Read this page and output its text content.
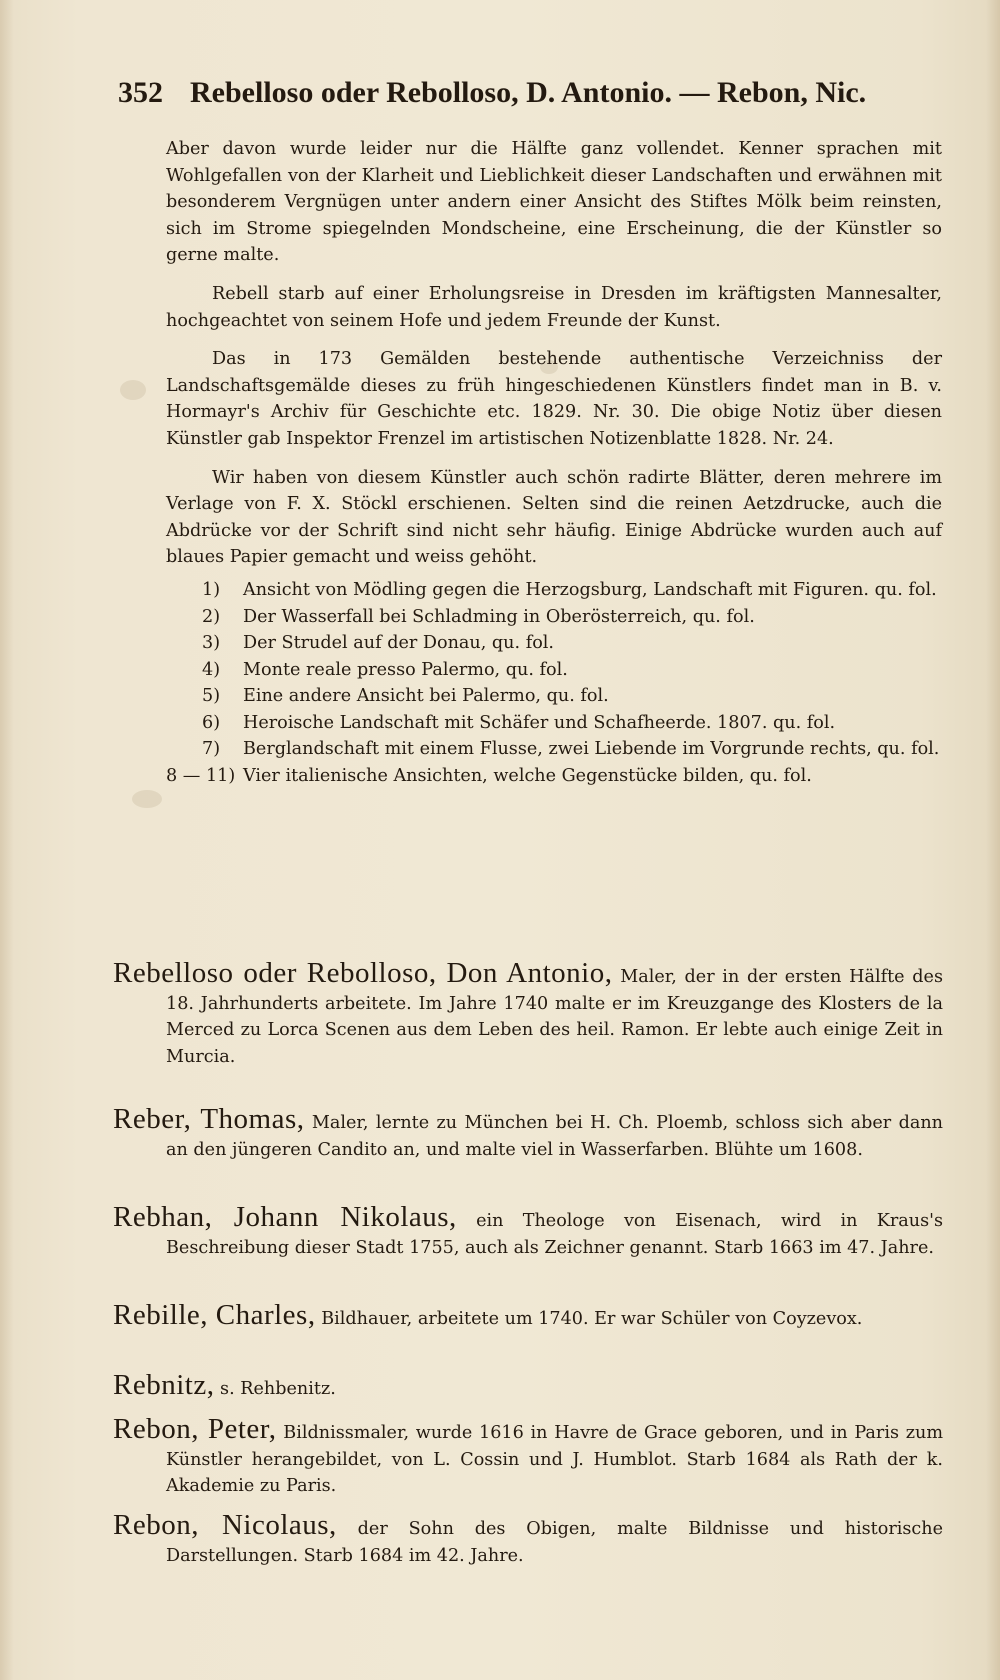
352 Rebelloso oder Rebolloso, D. Antonio. — Rebon, Nic.

Aber davon wurde leider nur die Hälfte ganz vollendet. Kenner sprachen mit Wohlgefallen von der Klarheit und Lieblichkeit dieser Landschaften und erwähnen mit besonderem Vergnügen unter andern einer Ansicht des Stiftes Mölk beim reinsten, sich im Strome spiegelnden Mondscheine, eine Erscheinung, die der Künstler so gerne malte.

Rebell starb auf einer Erholungsreise in Dresden im kräftigsten Mannesalter, hochgeachtet von seinem Hofe und jedem Freunde der Kunst.

Das in 173 Gemälden bestehende authentische Verzeichniss der Landschaftsgemälde dieses zu früh hingeschiedenen Künstlers findet man in B. v. Hormayr's Archiv für Geschichte etc. 1829. Nr. 30. Die obige Notiz über diesen Künstler gab Inspektor Frenzel im artistischen Notizenblatte 1828. Nr. 24.

Wir haben von diesem Künstler auch schön radirte Blätter, deren mehrere im Verlage von F. X. Stöckl erschienen. Selten sind die reinen Aetzdrucke, auch die Abdrücke vor der Schrift sind nicht sehr häufig. Einige Abdrücke wurden auch auf blaues Papier gemacht und weiss gehöht.

1) Ansicht von Mödling gegen die Herzogsburg, Landschaft mit Figuren. qu. fol.
2) Der Wasserfall bei Schladming in Oberösterreich, qu. fol.
3) Der Strudel auf der Donau, qu. fol.
4) Monte reale presso Palermo, qu. fol.
5) Eine andere Ansicht bei Palermo, qu. fol.
6) Heroische Landschaft mit Schäfer und Schafheerde. 1807. qu. fol.
7) Berglandschaft mit einem Flusse, zwei Liebende im Vorgrunde rechts, qu. fol.
8 — 11) Vier italienische Ansichten, welche Gegenstücke bilden, qu. fol.
Rebelloso oder Rebolloso, Don Antonio, Maler, der in der ersten Hälfte des 18. Jahrhunderts arbeitete. Im Jahre 1740 malte er im Kreuzgange des Klosters de la Merced zu Lorca Scenen aus dem Leben des heil. Ramon. Er lebte auch einige Zeit in Murcia.
Reber, Thomas, Maler, lernte zu München bei H. Ch. Ploemb, schloss sich aber dann an den jüngeren Candito an, und malte viel in Wasserfarben. Blühte um 1608.
Rebhan, Johann Nikolaus, ein Theologe von Eisenach, wird in Kraus's Beschreibung dieser Stadt 1755, auch als Zeichner genannt. Starb 1663 im 47. Jahre.
Rebille, Charles, Bildhauer, arbeitete um 1740. Er war Schüler von Coyzevox.
Rebnitz, s. Rehbenitz.
Rebon, Peter, Bildnissmaler, wurde 1616 in Havre de Grace geboren, und in Paris zum Künstler herangebildet, von L. Cossin und J. Humblot. Starb 1684 als Rath der k. Akademie zu Paris.
Rebon, Nicolaus, der Sohn des Obigen, malte Bildnisse und historische Darstellungen. Starb 1684 im 42. Jahre.
